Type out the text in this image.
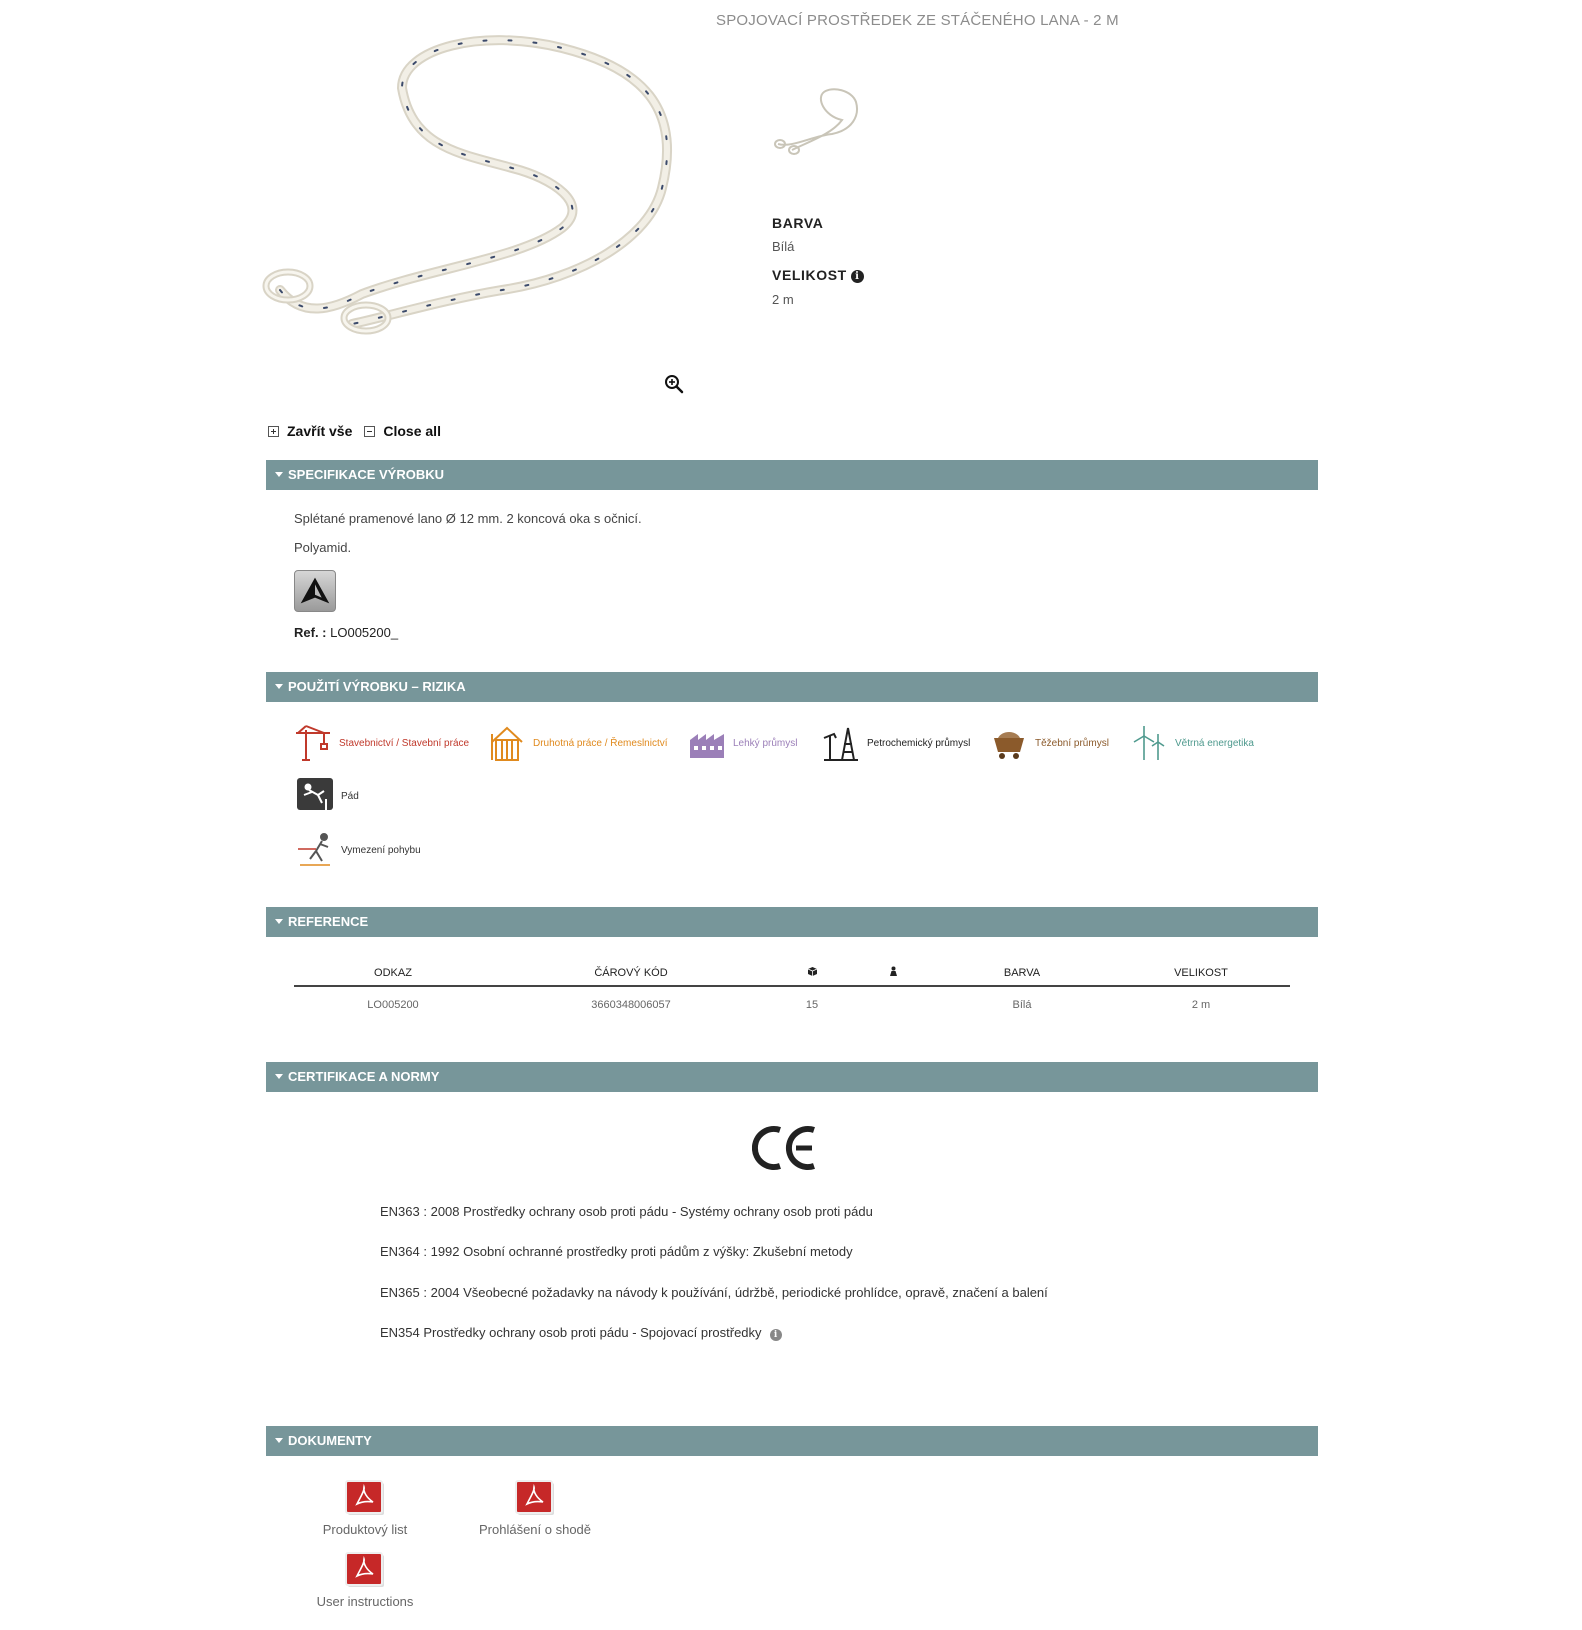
SPOJOVACÍ PROSTŘEDEK ZE STÁČENÉHO LANA - 2 M
BARVA
Bílá
VELIKOST i
2 m
Zavřít vše Close all
SPECIFIKACE VÝROBKU
Splétané pramenové lano Ø 12 mm. 2 koncová oka s očnicí.
Polyamid.
Ref. : LO005200_
POUŽITÍ VÝROBKU – RIZIKA
Stavebnictví / Stavební práce	Druhotná práce / Řemeslnictví	Lehký průmysl	Petrochemický průmysl	Těžební průmysl	Větrná energetika
Pád
Vymezení pohybu
REFERENCE
ODKAZ	ČÁROVÝ KÓD			BARVA	VELIKOST
LO005200	3660348006057	15		Bílá	2 m
CERTIFIKACE A NORMY
EN363 : 2008 Prostředky ochrany osob proti pádu - Systémy ochrany osob proti pádu
EN364 : 1992 Osobní ochranné prostředky proti pádům z výšky: Zkušební metody
EN365 : 2004 Všeobecné požadavky na návody k používání, údržbě, periodické prohlídce, opravě, značení a balení
EN354 Prostředky ochrany osob proti pádu - Spojovací prostředky i
DOKUMENTY
Produktový list	Prohlášení o shodě
User instructions
